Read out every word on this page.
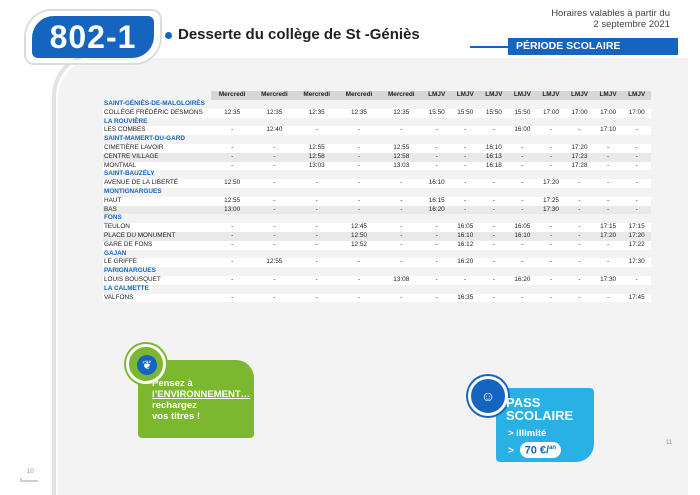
802-1	Desserte du collège de St -Géniès
Horaires valables à partir du
2 septembre 2021
PÉRIODE SCOLAIRE
	Mercredi	Mercredi	Mercredi	Mercredi	Mercredi	LMJV	LMJV	LMJV	LMJV	LMJV	LMJV	LMJV	LMJV
SAINT-GÉNIÈS-DE-MALGLOIRÈS													
COLLÈGE FRÉDÉRIC DESMONS	12:35	12:35	12:35	12:35	12:35	15:50	15:50	15:50	15:50	17:00	17:00	17:00	17:00
LA ROUVIÈRE													
LES COMBES	-	12:40	-	-	-	-	-	-	16:00	-	-	17:10	-
SAINT-MAMERT-DU-GARD													
CIMETIÈRE LAVOIR	-	-	12:55	-	12:55	-	-	16:10	-	-	17:20	-	-
CENTRE VILLAGE	-	-	12:58	-	12:58	-	-	16:13	-	-	17:23	-	-
MONTMAL	-	-	13:03	-	13:03	-	-	16:18	-	-	17:28	-	-
SAINT-BAUZÉLY													
AVENUE DE LA LIBERTÉ	12:50	-	-	-	-	16:10	-	-	-	17:20	-	-	-
MONTIGNARGUES													
HAUT	12:55	-	-	-	-	16:15	-	-	-	17:25	-	-	-
BAS	13:00	-	-	-	-	16:20	-	-	-	17:30	-	-	-
FONS													
TEULON	-	-	-	12:45	-	-	16:05	-	16:05	-	-	17:15	17:15
PLACE DU MONUMENT	-	-	-	12:50	-	-	16:10	-	16:10	-	-	17:20	17:20
GARE DE FONS	-	-	-	12:52	-	-	16:12	-	-	-	-	-	17:22
GAJAN													
LE GRIFFE	-	12:55	-	-	-	-	16:20	-	-	-	-	-	17:30
PARIGNARGUES													
LOUIS BOUSQUET	-	-	-	-	13:08	-	-	-	16:20	-	-	17:30	-
LA CALMETTE													
VALFONS	-	-	-	-	-	-	16:35	-	-	-	-	-	17:45
❦
Pensez à
l’ENVIRONNEMENT…
rechargez
vos titres !
☺ PASS
SCOLAIRE
> illimité
> 70 €/$^{an}$
10
11
